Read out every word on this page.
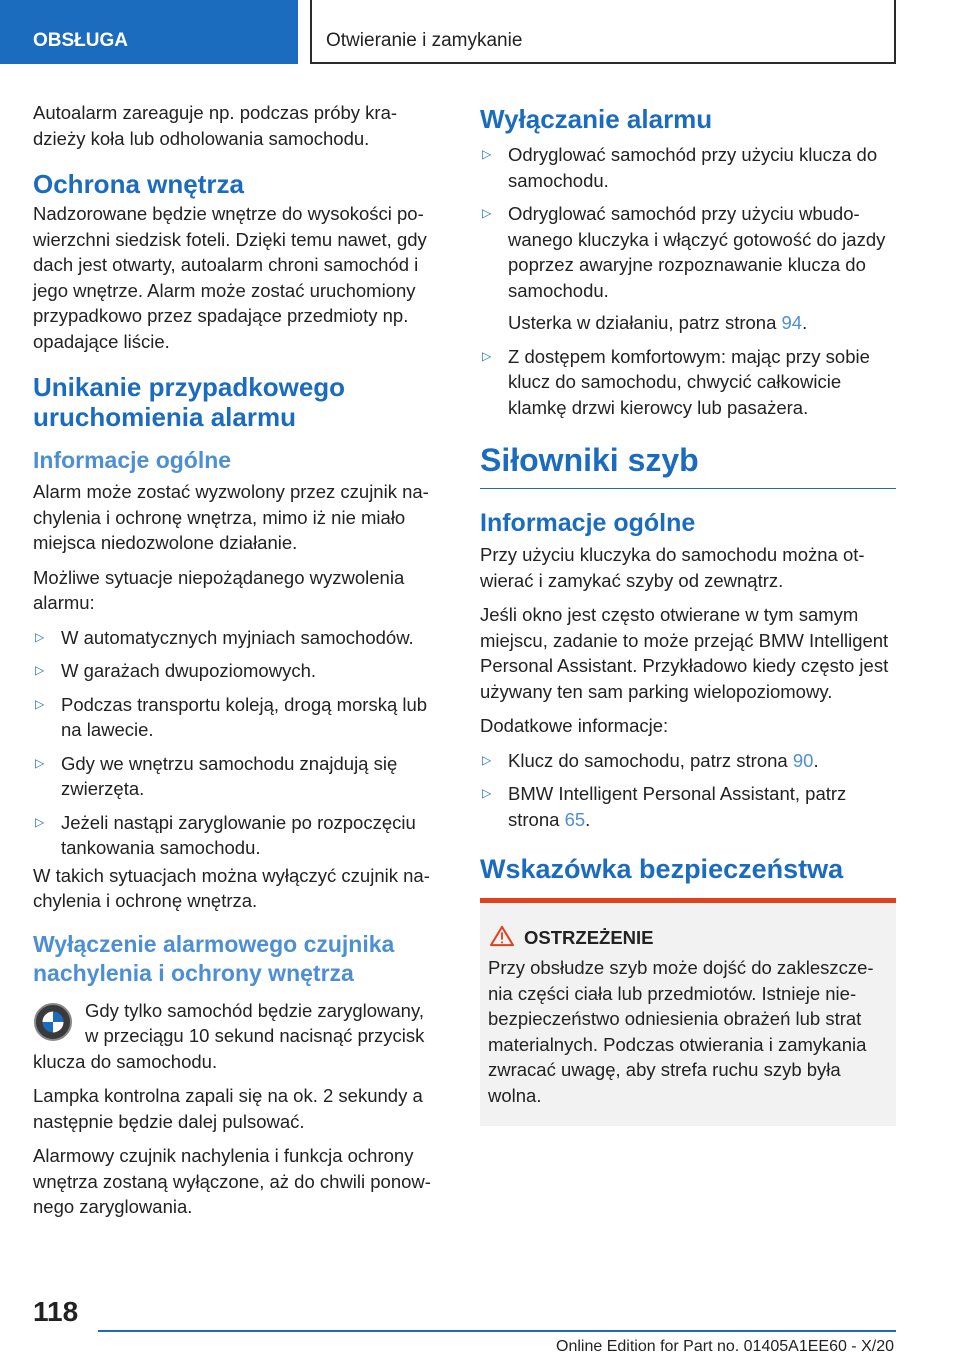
OBSŁUGA	Otwieranie i zamykanie

Autoalarm zareaguje np. podczas próby kradzieży koła lub odholowania samochodu.

Ochrona wnętrza

Nadzorowane będzie wnętrze do wysokości powierzchni siedzisk foteli. Dzięki temu nawet, gdy dach jest otwarty, autoalarm chroni samochód i jego wnętrze. Alarm może zostać uruchomiony przypadkowo przez spadające przedmioty np. opadające liście.

Unikanie przypadkowego uruchomienia alarmu
Informacje ogólne

Alarm może zostać wyzwolony przez czujnik nachylenia i ochronę wnętrza, mimo iż nie miało miejsca niedozwolone działanie.

Możliwe sytuacje niepożądanego wyzwolenia alarmu:

▷ W automatycznych myjniach samochodów.
▷ W garażach dwupoziomowych.
▷ Podczas transportu koleją, drogą morską lub na lawecie.
▷ Gdy we wnętrzu samochodu znajdują się zwierzęta.
▷ Jeżeli nastąpi zaryglowanie po rozpoczęciu tankowania samochodu.

W takich sytuacjach można wyłączyć czujnik nachylenia i ochronę wnętrza.

Wyłączenie alarmowego czujnika nachylenia i ochrony wnętrza

Gdy tylko samochód będzie zaryglowany, w przeciągu 10 sekund nacisnąć przycisk klucza do samochodu.

Lampka kontrolna zapali się na ok. 2 sekundy a następnie będzie dalej pulsować.

Alarmowy czujnik nachylenia i funkcja ochrony wnętrza zostaną wyłączone, aż do chwili ponownego zaryglowania.

Wyłączanie alarmu
▷ Odryglować samochód przy użyciu klucza do samochodu.
▷ Odryglować samochód przy użyciu wbudowanego kluczyka i włączyć gotowość do jazdy poprzez awaryjne rozpoznawanie klucza do samochodu.
Usterka w działaniu, patrz strona 94.
▷ Z dostępem komfortowym: mając przy sobie klucz do samochodu, chwycić całkowicie klamkę drzwi kierowcy lub pasażera.
Siłowniki szyb
Informacje ogólne

Przy użyciu kluczyka do samochodu można otwierać i zamykać szyby od zewnątrz.

Jeśli okno jest często otwierane w tym samym miejscu, zadanie to może przejąć BMW Intelligent Personal Assistant. Przykładowo kiedy często jest używany ten sam parking wielopoziomowy.

Dodatkowe informacje:

▷ Klucz do samochodu, patrz strona 90.
▷ BMW Intelligent Personal Assistant, patrz strona 65.
Wskazówka bezpieczeństwa
OSTRZEŻENIE

Przy obsłudze szyb może dojść do zakleszczenia części ciała lub przedmiotów. Istnieje niebezpieczeństwo odniesienia obrażeń lub strat materialnych. Podczas otwierania i zamykania zwracać uwagę, aby strefa ruchu szyb była wolna.

118
Online Edition for Part no. 01405A1EE60 - X/20
